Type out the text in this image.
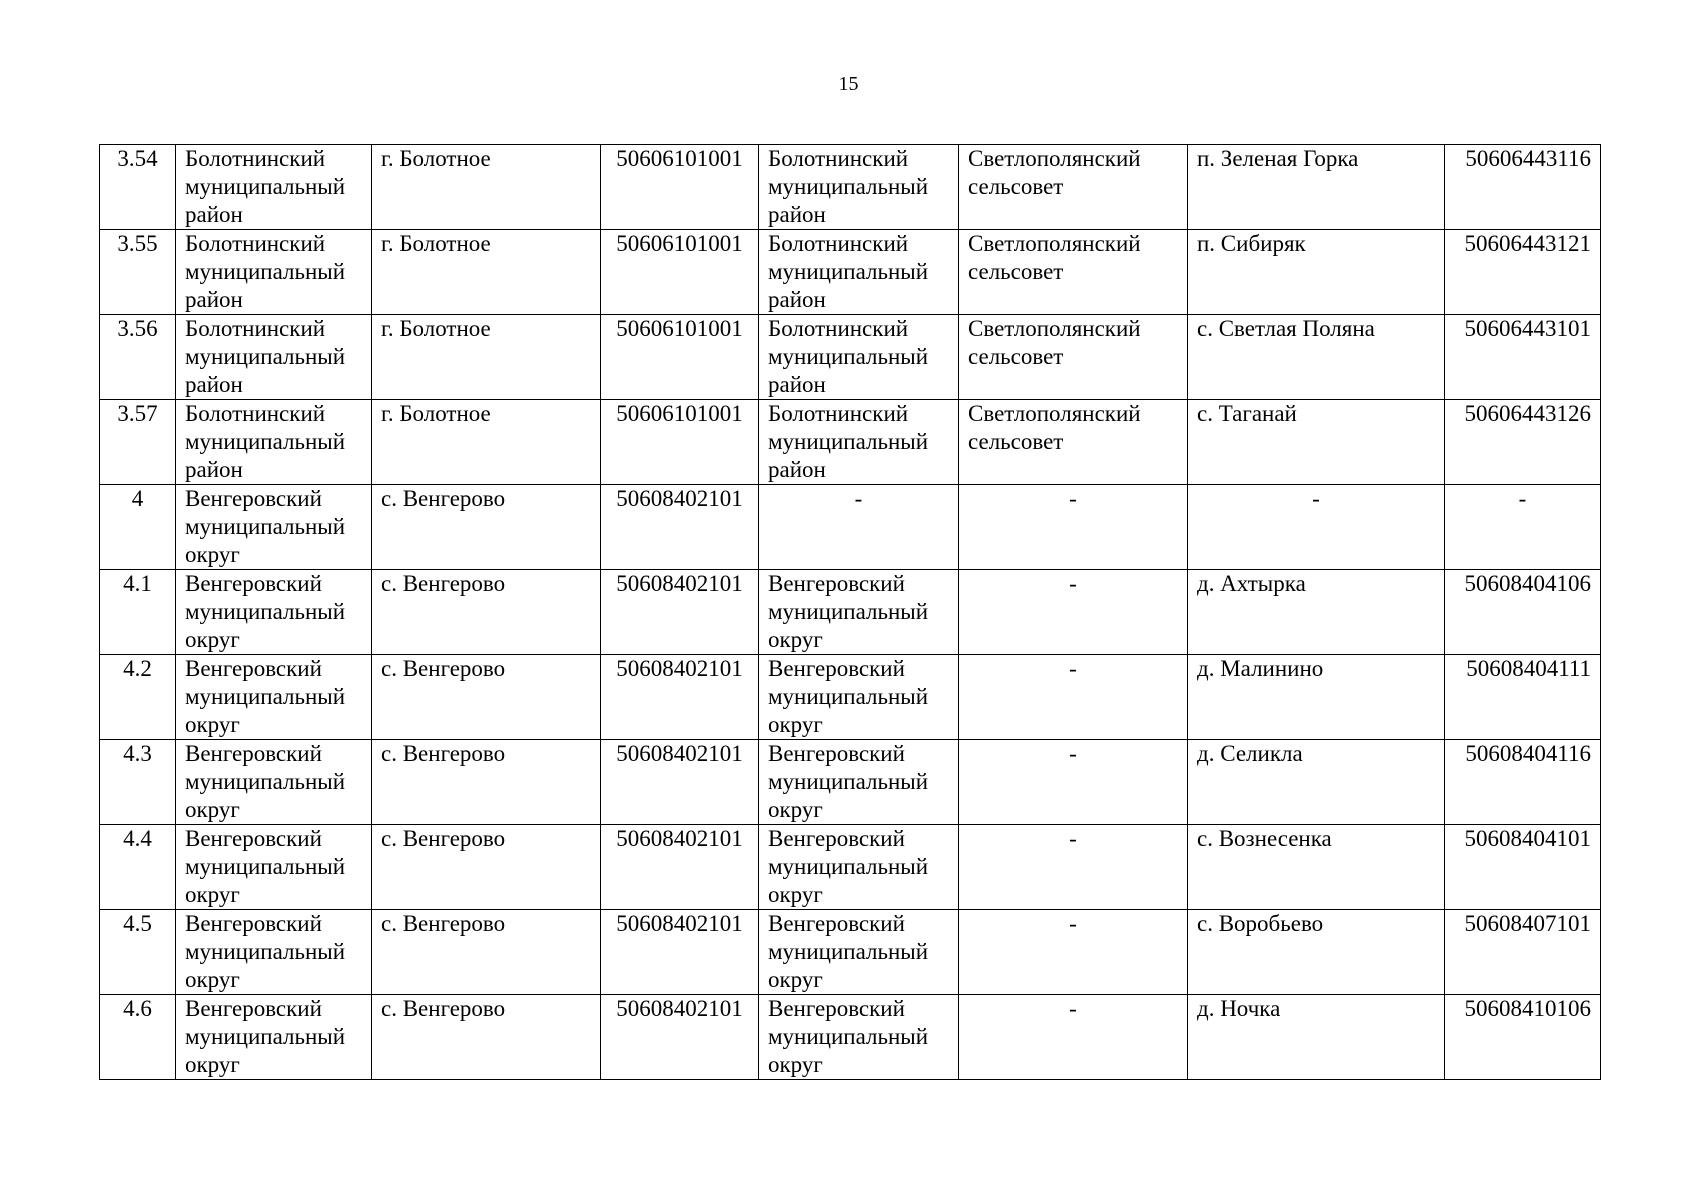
15
3.54	Болотнинский муниципальный район	г. Болотное	50606101001	Болотнинский муниципальный район	Светлополянский сельсовет	п. Зеленая Горка	50606443116
3.55	Болотнинский муниципальный район	г. Болотное	50606101001	Болотнинский муниципальный район	Светлополянский сельсовет	п. Сибиряк	50606443121
3.56	Болотнинский муниципальный район	г. Болотное	50606101001	Болотнинский муниципальный район	Светлополянский сельсовет	с. Светлая Поляна	50606443101
3.57	Болотнинский муниципальный район	г. Болотное	50606101001	Болотнинский муниципальный район	Светлополянский сельсовет	с. Таганай	50606443126
4	Венгеровский муниципальный округ	с. Венгерово	50608402101	-	-	-	-
4.1	Венгеровский муниципальный округ	с. Венгерово	50608402101	Венгеровский муниципальный округ	-	д. Ахтырка	50608404106
4.2	Венгеровский муниципальный округ	с. Венгерово	50608402101	Венгеровский муниципальный округ	-	д. Малинино	50608404111
4.3	Венгеровский муниципальный округ	с. Венгерово	50608402101	Венгеровский муниципальный округ	-	д. Селикла	50608404116
4.4	Венгеровский муниципальный округ	с. Венгерово	50608402101	Венгеровский муниципальный округ	-	с. Вознесенка	50608404101
4.5	Венгеровский муниципальный округ	с. Венгерово	50608402101	Венгеровский муниципальный округ	-	с. Воробьево	50608407101
4.6	Венгеровский муниципальный округ	с. Венгерово	50608402101	Венгеровский муниципальный округ	-	д. Ночка	50608410106
